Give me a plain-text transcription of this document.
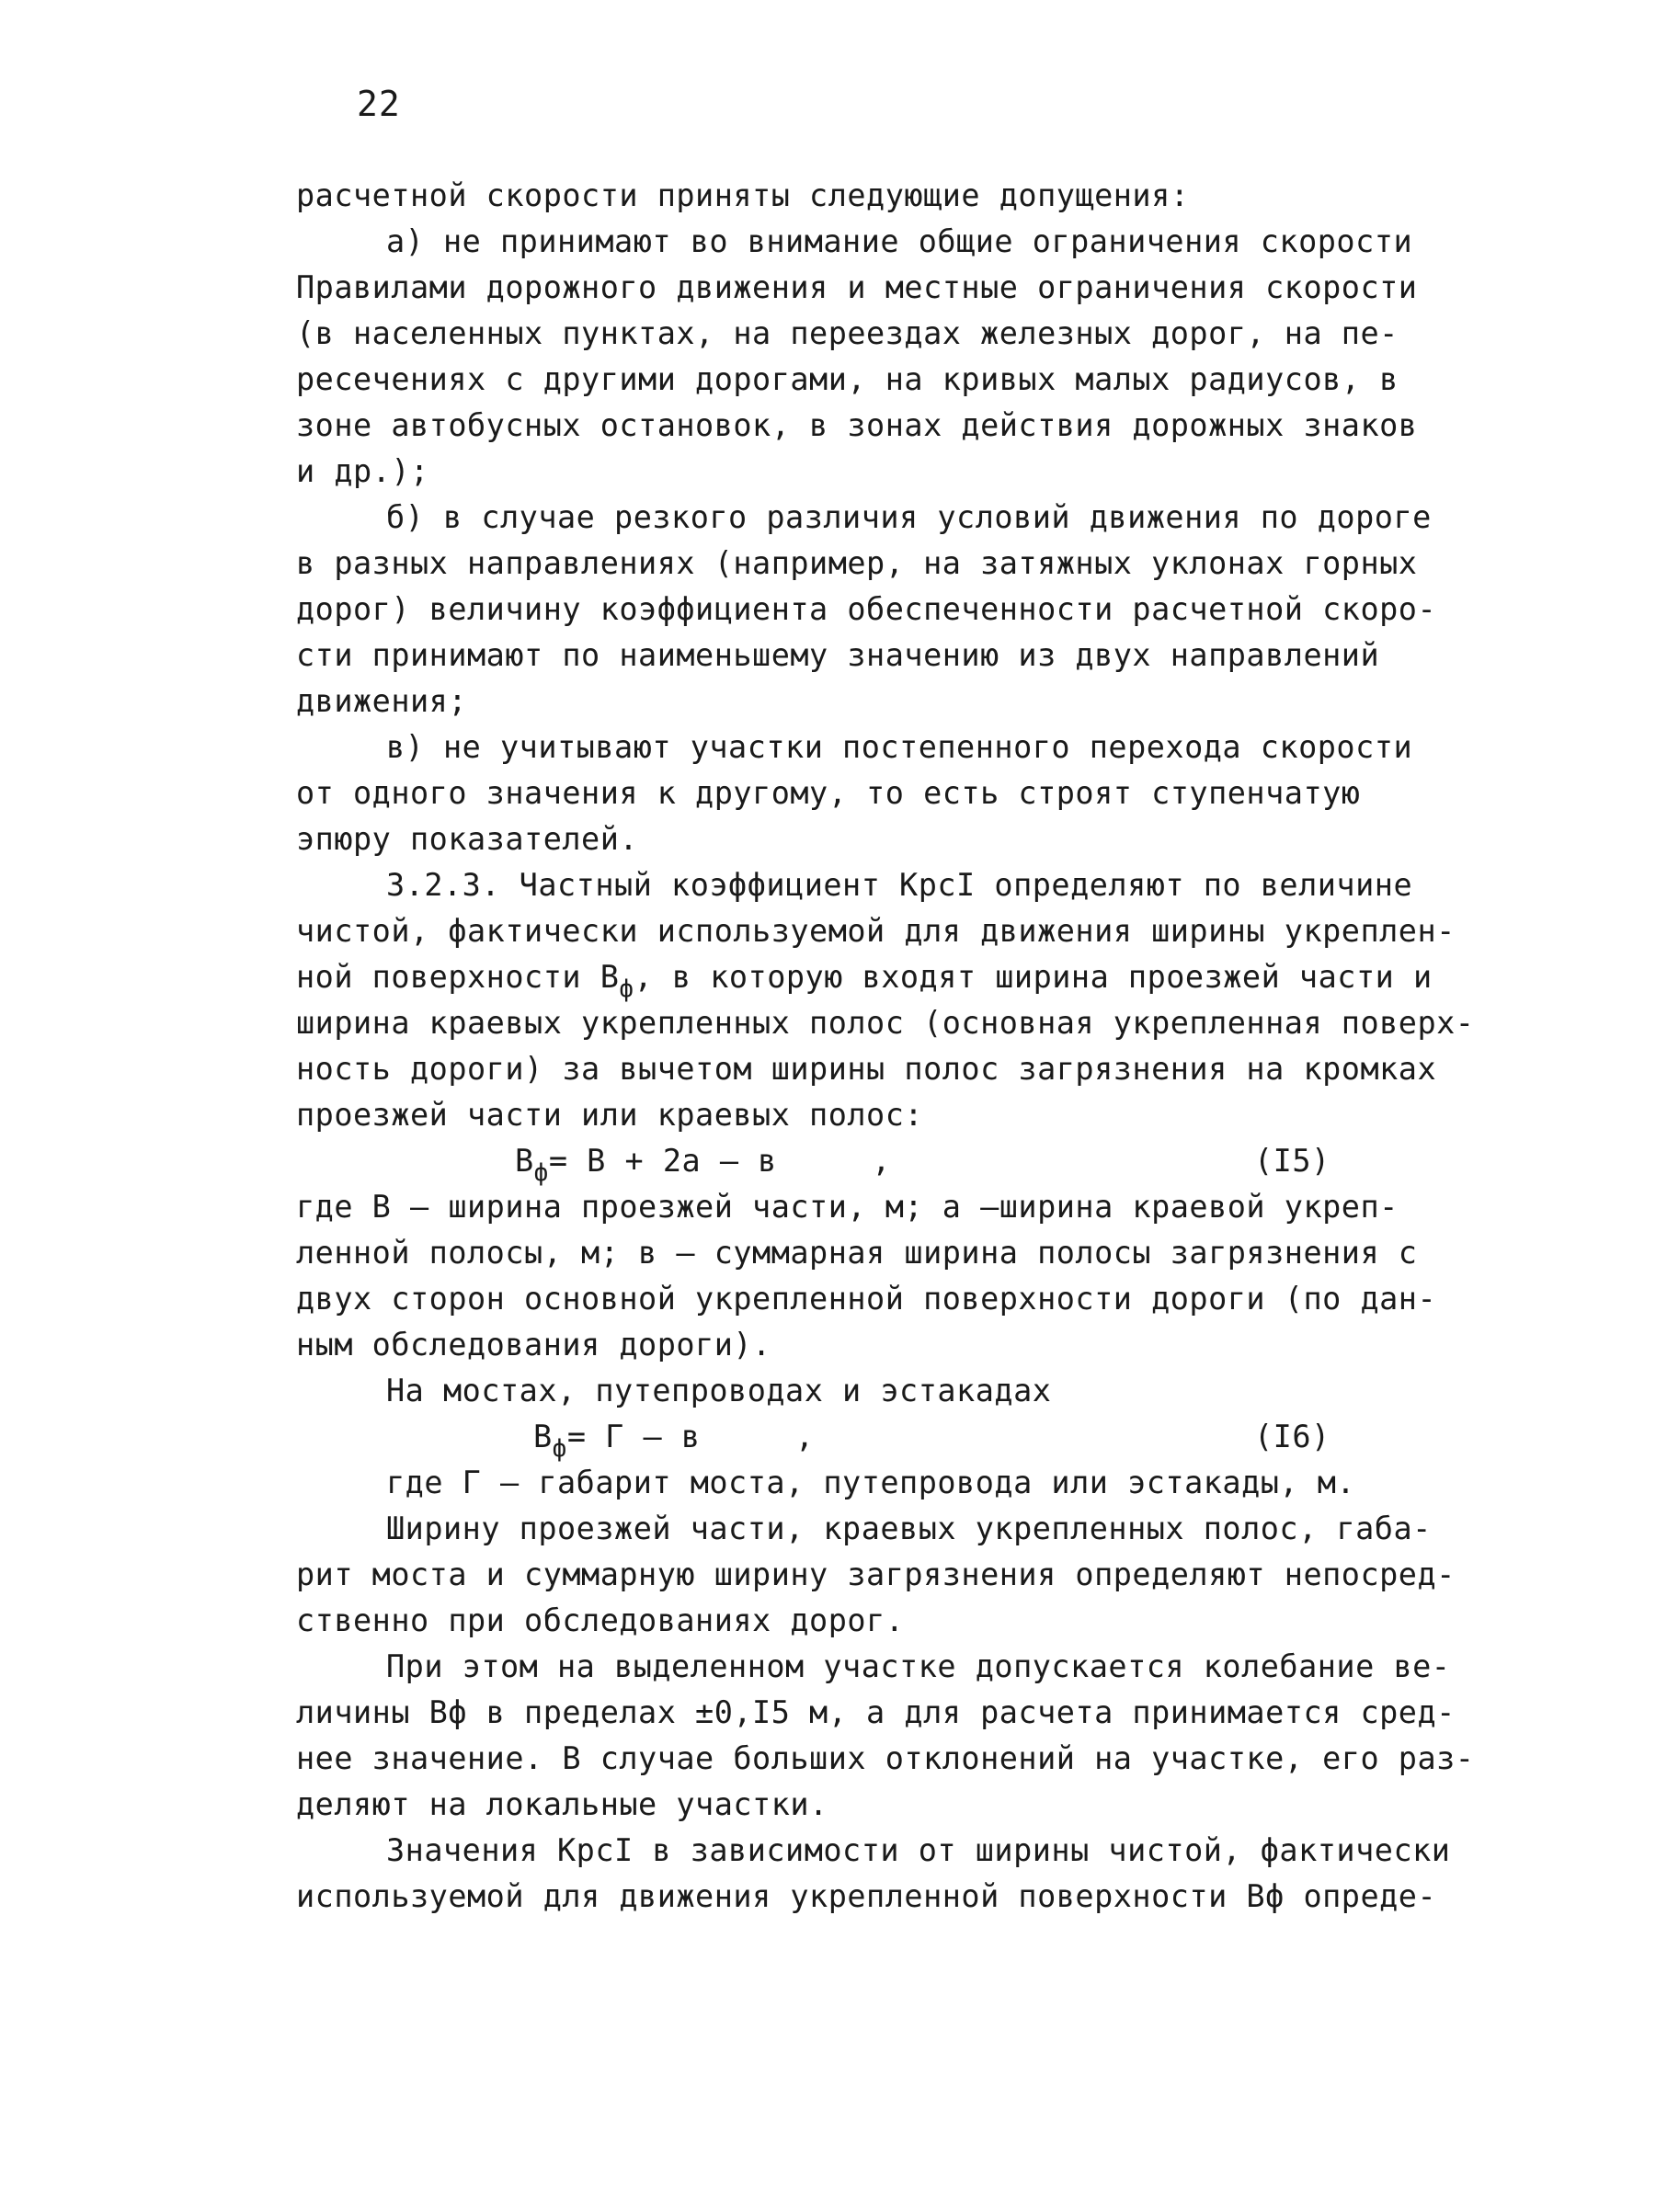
22
расчетной скорости приняты следующие допущения:
а) не принимают во внимание общие ограничения скорости
Правилами дорожного движения и местные ограничения скорости
(в населенных пунктах, на переездах железных дорог, на пе-
ресечениях с другими дорогами, на кривых малых радиусов, в
зоне автобусных остановок, в зонах действия дорожных знаков
и др.);
б) в случае резкого различия условий движения по дороге
в разных направлениях (например, на затяжных уклонах горных
дорог) величину коэффициента обеспеченности расчетной скоро-
сти принимают по наименьшему значению из двух направлений
движения;
в) не учитывают участки постепенного перехода скорости
от одного значения к другому, то есть строят ступенчатую
эпюру показателей.
3.2.3. Частный коэффициент КрсI определяют по величине
чистой, фактически используемой для движения ширины укреплен-
ной поверхности $В_ф$, в которую входят ширина проезжей части и
ширина краевых укрепленных полос (основная укрепленная поверх-
ность дороги) за вычетом ширины полос загрязнения на кромках
проезжей части или краевых полос:

$В_ф= В + 2а - в$     ,

	(I5)

где В – ширина проезжей части, м; а –ширина краевой укреп-
ленной полосы, м; в – суммарная ширина полосы загрязнения с
двух сторон основной укрепленной поверхности дороги (по дан-
ным обследования дороги).
На мостах, путепроводах и эстакадах

$В_ф= Г - в$     ,

	(I6)

где Г – габарит моста, путепровода или эстакады, м.
Ширину проезжей части, краевых укрепленных полос, габа-
рит моста и суммарную ширину загрязнения определяют непосред-
ственно при обследованиях дорог.
При этом на выделенном участке допускается колебание ве-
личины Вф в пределах ±0,I5 м, а для расчета принимается сред-
нее значение. В случае больших отклонений на участке, его раз-
деляют на локальные участки.
Значения КрсI в зависимости от ширины чистой, фактически
используемой для движения укрепленной поверхности Вф опреде-
